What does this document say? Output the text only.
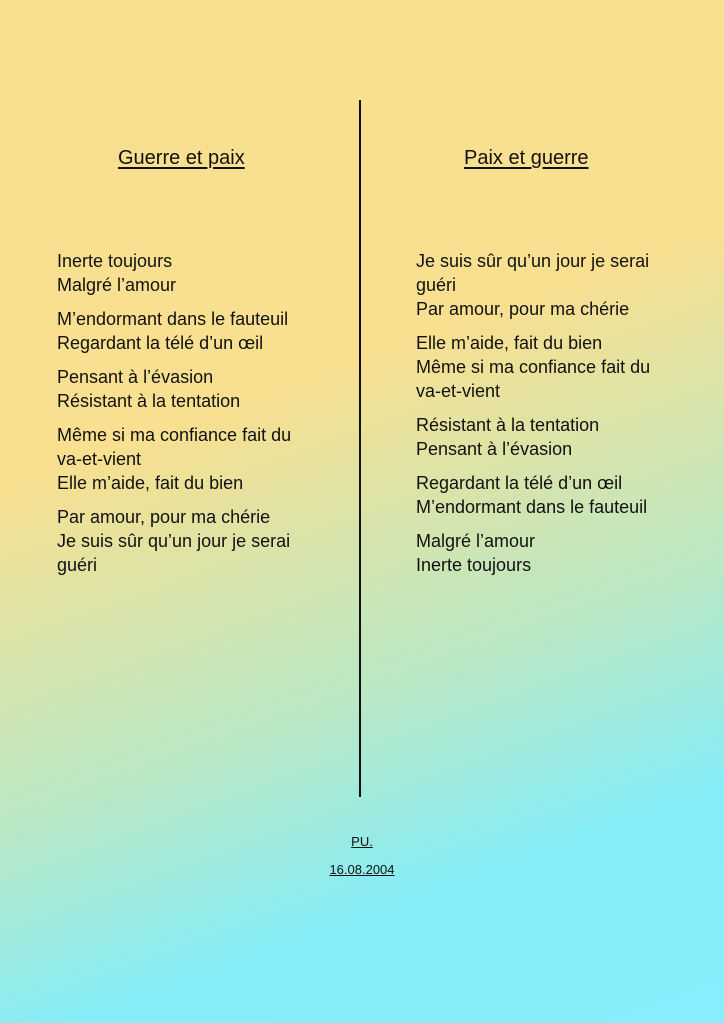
Guerre et paix
Inerte toujours
Malgré l’amour
M’endormant dans le fauteuil
Regardant la télé d’un œil
Pensant à l’évasion
Résistant à la tentation
Même si ma confiance fait du va-et-vient
Elle m’aide, fait du bien
Par amour, pour ma chérie
Je suis sûr qu’un jour je serai guéri
Paix et guerre
Je suis sûr qu’un jour je serai guéri
Par amour, pour ma chérie
Elle m’aide, fait du bien
Même si ma confiance fait du va-et-vient
Résistant à la tentation
Pensant à l’évasion
Regardant la télé d’un œil
M’endormant dans le fauteuil
Malgré l’amour
Inerte toujours
PU.
16.08.2004
